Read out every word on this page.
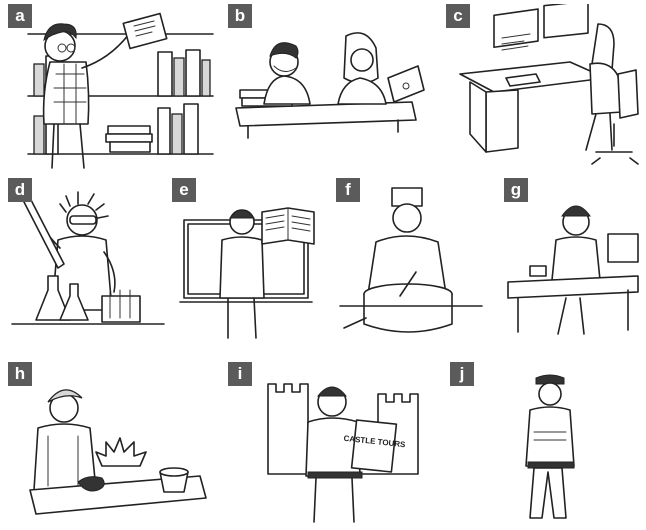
a	b	c
d	e	f	g
h
CASTLE TOURS
i	j
